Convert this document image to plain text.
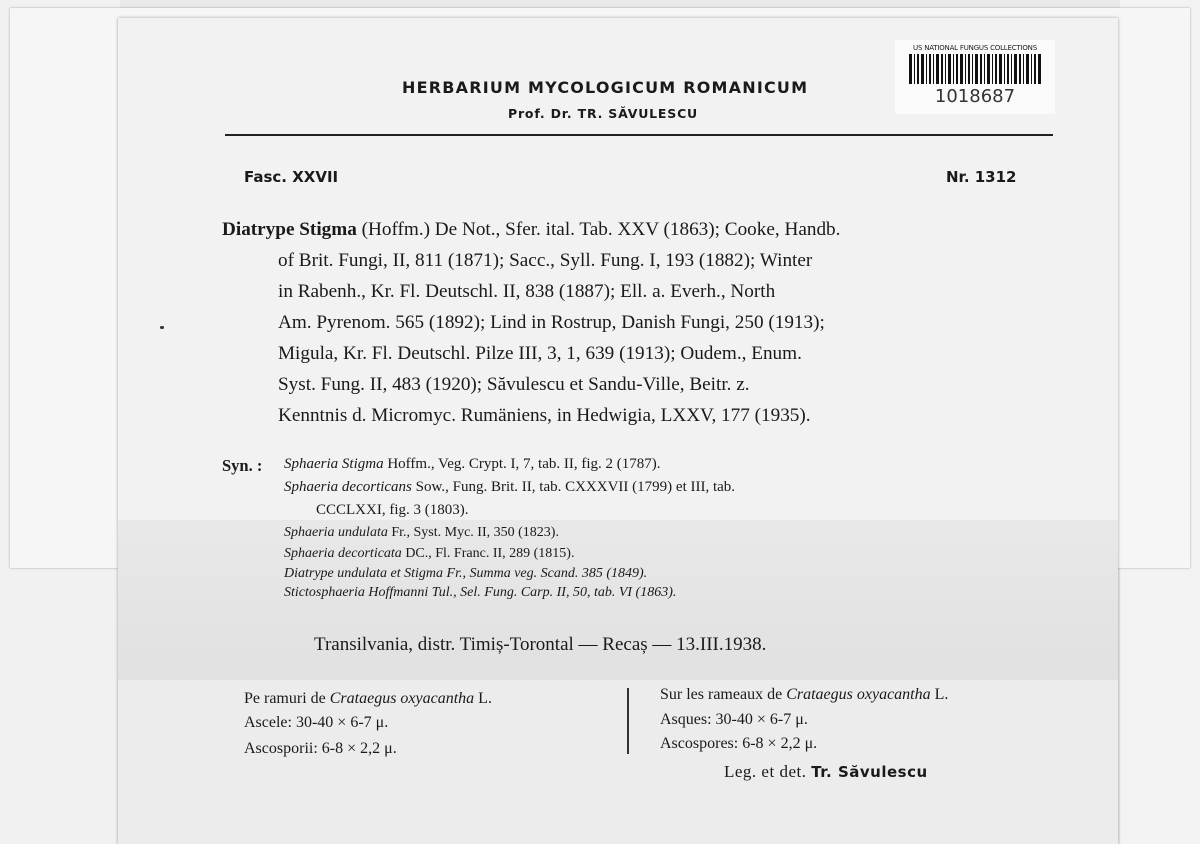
HERBARIUM MYCOLOGICUM ROMANICUM
Prof. Dr. TR. SĂVULESCU
US NATIONAL FUNGUS COLLECTIONS
1018687
Fasc. XXVII	Nr. 1312
Diatrype Stigma (Hoffm.) De Not., Sfer. ital. Tab. XXV (1863); Cooke, Handb.
of Brit. Fungi, II, 811 (1871); Sacc., Syll. Fung. I, 193 (1882); Winter
in Rabenh., Kr. Fl. Deutschl. II, 838 (1887); Ell. a. Everh., North
Am. Pyrenom. 565 (1892); Lind in Rostrup, Danish Fungi, 250 (1913);
Migula, Kr. Fl. Deutschl. Pilze III, 3, 1, 639 (1913); Oudem., Enum.
Syst. Fung. II, 483 (1920); Săvulescu et Sandu-Ville, Beitr. z.
Kenntnis d. Micromyc. Rumäniens, in Hedwigia, LXXV, 177 (1935).
Syn. : Sphaeria Stigma Hoffm., Veg. Crypt. I, 7, tab. II, fig. 2 (1787).
Sphaeria decorticans Sow., Fung. Brit. II, tab. CXXXVII (1799) et III, tab.
CCCLXXI, fig. 3 (1803).
Sphaeria undulata Fr., Syst. Myc. II, 350 (1823).
Sphaeria decorticata DC., Fl. Franc. II, 289 (1815).
Diatrype undulata et Stigma Fr., Summa veg. Scand. 385 (1849).
Stictosphaeria Hoffmanni Tul., Sel. Fung. Carp. II, 50, tab. VI (1863).
Transilvania, distr. Timiș-Torontal — Recaș — 13.III.1938.
Pe ramuri de Crataegus oxyacantha L.
Ascele: 30-40 × 6-7 μ.
Ascosporii: 6-8 × 2,2 μ.
Sur les rameaux de Crataegus oxyacantha L.
Asques: 30-40 × 6-7 μ.
Ascospores: 6-8 × 2,2 μ.
Leg. et det. Tr. Săvulescu
